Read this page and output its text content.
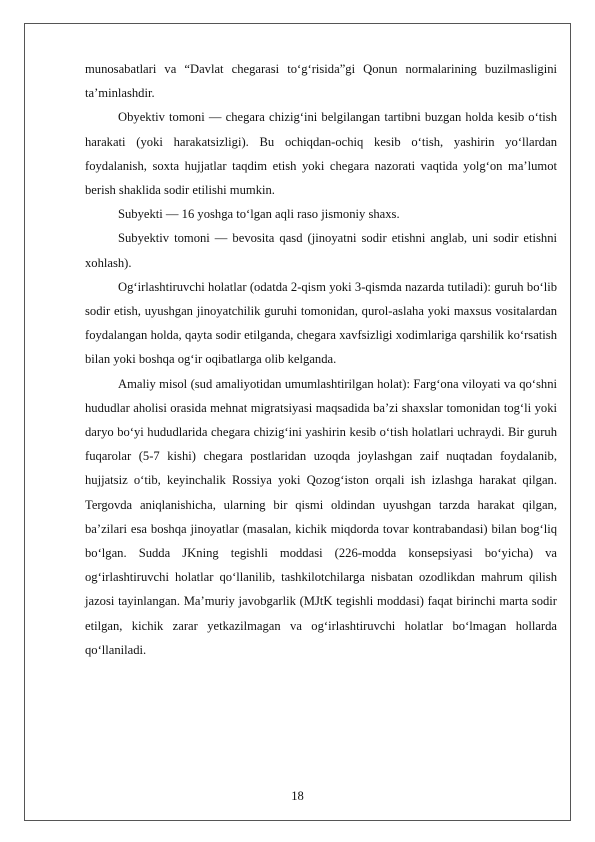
munosabatlari va “Davlat chegarasi to‘g‘risida”gi Qonun normalarining buzilmasligini ta’minlashdir.

Obyektiv tomoni — chegara chizig‘ini belgilangan tartibni buzgan holda kesib o‘tish harakati (yoki harakatsizligi). Bu ochiqdan-ochiq kesib o‘tish, yashirin yo‘llardan foydalanish, soxta hujjatlar taqdim etish yoki chegara nazorati vaqtida yolg‘on ma’lumot berish shaklida sodir etilishi mumkin.

Subyekti — 16 yoshga to‘lgan aqli raso jismoniy shaxs.

Subyektiv tomoni — bevosita qasd (jinoyatni sodir etishni anglab, uni sodir etishni xohlash).

Og‘irlashtiruvchi holatlar (odatda 2-qism yoki 3-qismda nazarda tutiladi): guruh bo‘lib sodir etish, uyushgan jinoyatchilik guruhi tomonidan, qurol-aslaha yoki maxsus vositalardan foydalangan holda, qayta sodir etilganda, chegara xavfsizligi xodimlariga qarshilik ko‘rsatish bilan yoki boshqa og‘ir oqibatlarga olib kelganda.

Amaliy misol (sud amaliyotidan umumlashtirilgan holat): Farg‘ona viloyati va qo‘shni hududlar aholisi orasida mehnat migratsiyasi maqsadida ba’zi shaxslar tomonidan tog‘li yoki daryo bo‘yi hududlarida chegara chizig‘ini yashirin kesib o‘tish holatlari uchraydi. Bir guruh fuqarolar (5-7 kishi) chegara postlaridan uzoqda joylashgan zaif nuqtadan foydalanib, hujjatsiz o‘tib, keyinchalik Rossiya yoki Qozog‘iston orqali ish izlashga harakat qilgan. Tergovda aniqlanishicha, ularning bir qismi oldindan uyushgan tarzda harakat qilgan, ba’zilari esa boshqa jinoyatlar (masalan, kichik miqdorda tovar kontrabandasi) bilan bog‘liq bo‘lgan. Sudda JKning tegishli moddasi (226-modda konsepsiyasi bo‘yicha) va og‘irlashtiruvchi holatlar qo‘llanilib, tashkilotchilarga nisbatan ozodlikdan mahrum qilish jazosi tayinlangan. Ma’muriy javobgarlik (MJtK tegishli moddasi) faqat birinchi marta sodir etilgan, kichik zarar yetkazilmagan va og‘irlashtiruvchi holatlar bo‘lmagan hollarda qo‘llaniladi.

18
